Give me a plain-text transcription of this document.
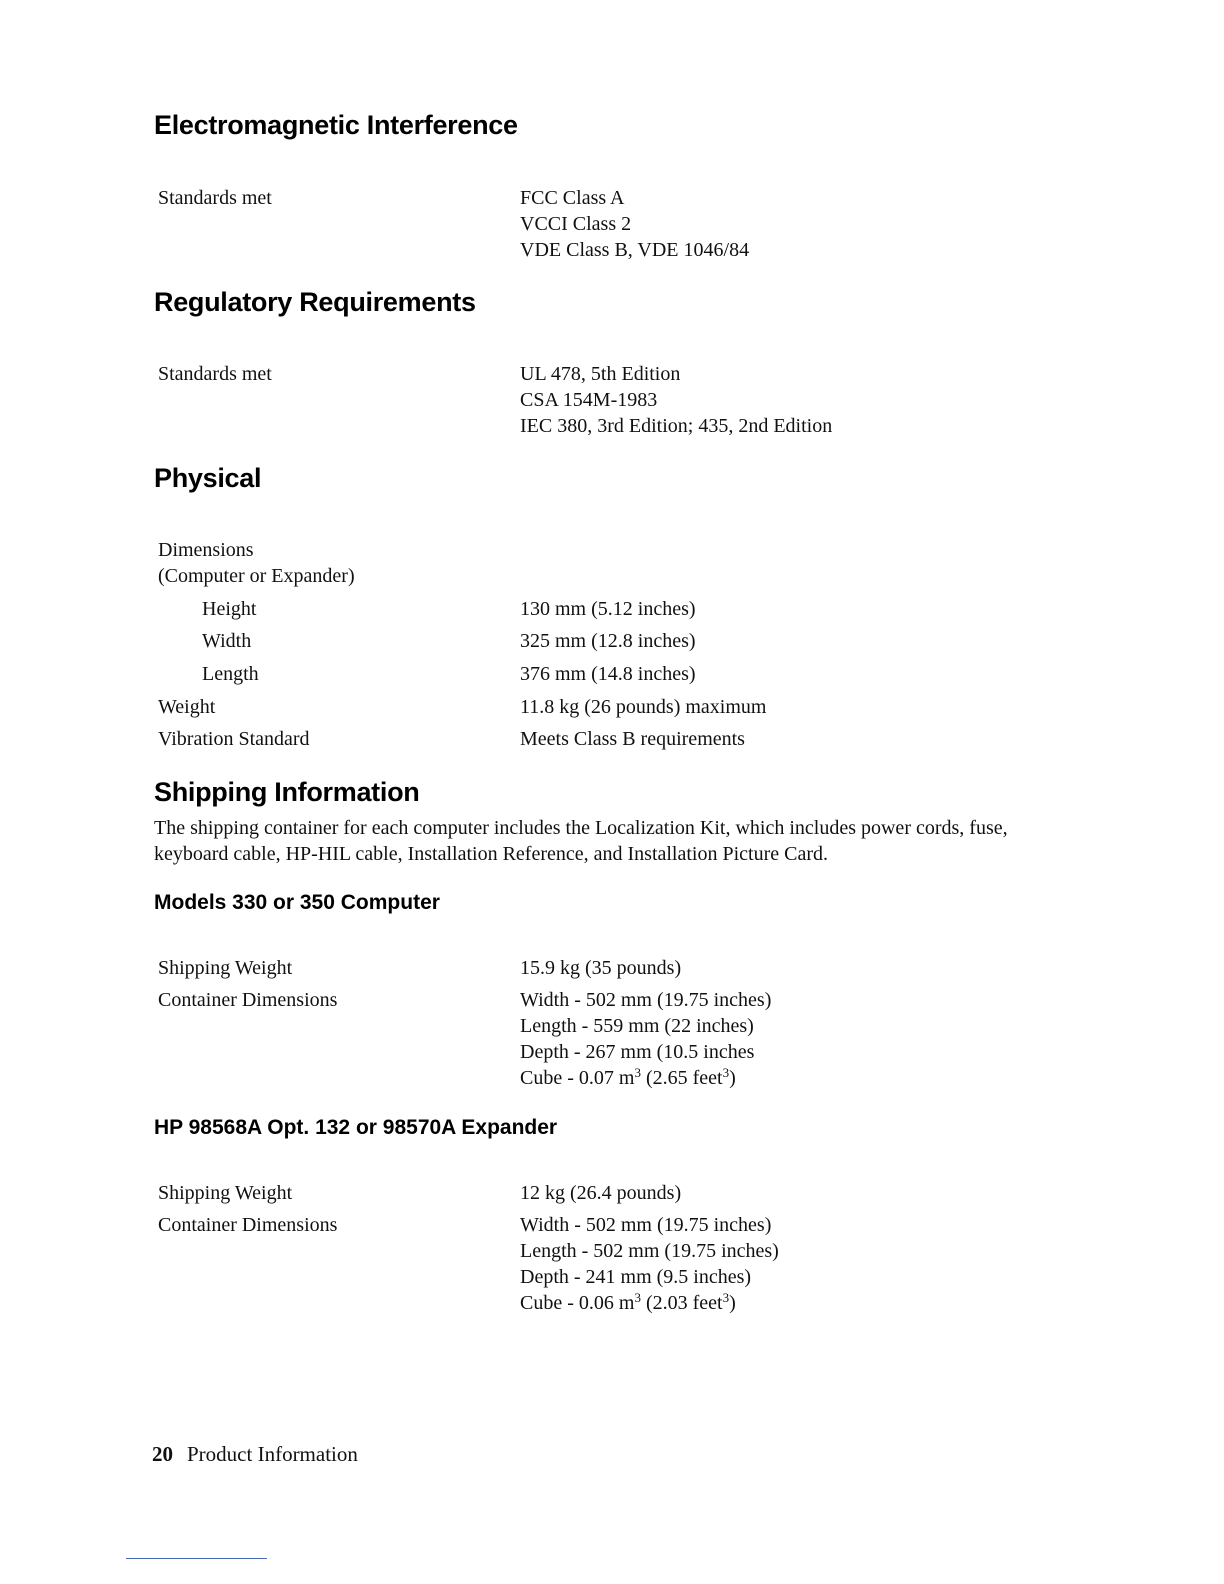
Electromagnetic Interference
Standards met	FCC Class A
VCCI Class 2
VDE Class B, VDE 1046/84
Regulatory Requirements
Standards met	UL 478, 5th Edition
CSA 154M-1983
IEC 380, 3rd Edition; 435, 2nd Edition
Physical
Dimensions
(Computer or Expander)
Height	130 mm (5.12 inches)
Width	325 mm (12.8 inches)
Length	376 mm (14.8 inches)
Weight	11.8 kg (26 pounds) maximum
Vibration Standard	Meets Class B requirements
Shipping Information

The shipping container for each computer includes the Localization Kit, which includes power cords, fuse, keyboard cable, HP-HIL cable, Installation Reference, and Installation Picture Card.

Models 330 or 350 Computer
Shipping Weight	15.9 kg (35 pounds)
Container Dimensions	Width - 502 mm (19.75 inches)
Length - 559 mm (22 inches)
Depth - 267 mm (10.5 inches
Cube - 0.07 $m^3$ (2.65 feet$^3$)
HP 98568A Opt. 132 or 98570A Expander
Shipping Weight	12 kg (26.4 pounds)
Container Dimensions	Width - 502 mm (19.75 inches)
Length - 502 mm (19.75 inches)
Depth - 241 mm (9.5 inches)
Cube - 0.06 $m^3$ (2.03 feet$^3$)
20 Product Information
